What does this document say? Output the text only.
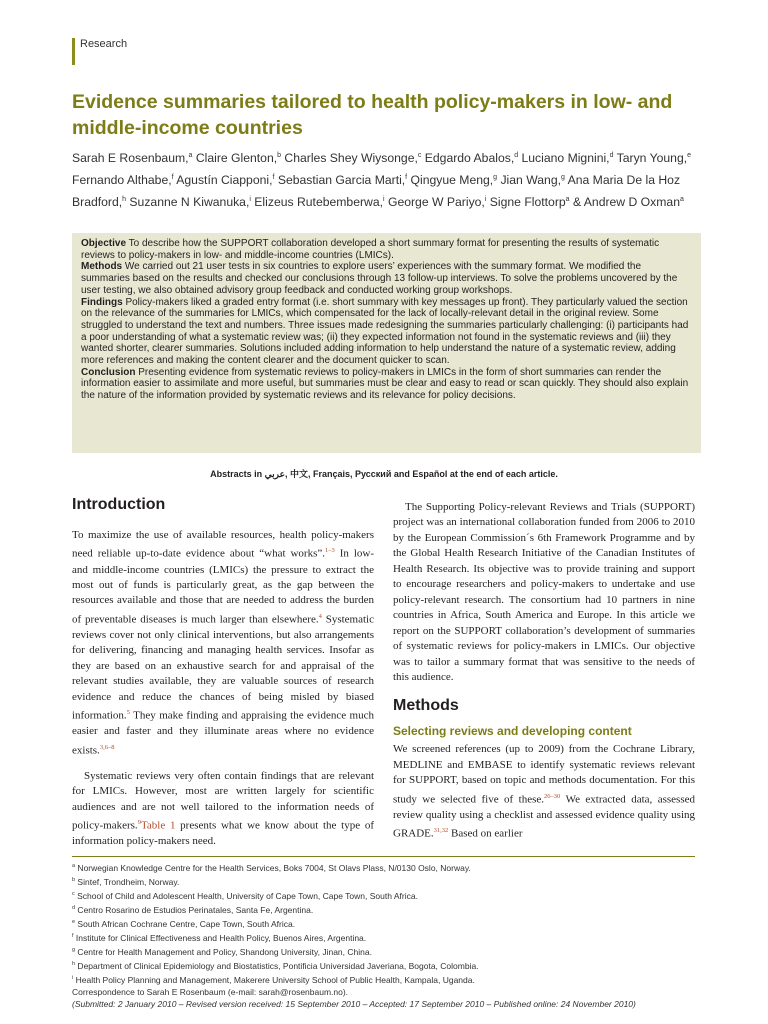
Research
Evidence summaries tailored to health policy-makers in low- and middle-income countries

Sarah E Rosenbaum,$^a$ Claire Glenton,$^b$ Charles Shey Wiysonge,$^c$ Edgardo Abalos,$^d$ Luciano Mignini,$^d$ Taryn Young,$^e$ Fernando Althabe,$^f$ Agustín Ciapponi,$^f$ Sebastian Garcia Marti,$^f$ Qingyue Meng,$^g$ Jian Wang,$^g$ Ana Maria De la Hoz Bradford,$^h$ Suzanne N Kiwanuka,$^i$ Elizeus Rutebemberwa,$^i$ George W Pariyo,$^i$ Signe Flottorp$^a$ & Andrew D Oxman$^a$

Objective To describe how the SUPPORT collaboration developed a short summary format for presenting the results of systematic reviews to policy-makers in low- and middle-income countries (LMICs).

Methods We carried out 21 user tests in six countries to explore users’ experiences with the summary format. We modified the summaries based on the results and checked our conclusions through 13 follow-up interviews. To solve the problems uncovered by the user testing, we also obtained advisory group feedback and conducted working group workshops.

Findings Policy-makers liked a graded entry format (i.e. short summary with key messages up front). They particularly valued the section on the relevance of the summaries for LMICs, which compensated for the lack of locally-relevant detail in the original review. Some struggled to understand the text and numbers. Three issues made redesigning the summaries particularly challenging: (i) participants had a poor understanding of what a systematic review was; (ii) they expected information not found in the systematic reviews and (iii) they wanted shorter, clearer summaries. Solutions included adding information to help understand the nature of a systematic review, adding more references and making the content clearer and the document quicker to scan.

Conclusion Presenting evidence from systematic reviews to policy-makers in LMICs in the form of short summaries can render the information easier to assimilate and more useful, but summaries must be clear and easy to read or scan quickly. They should also explain the nature of the information provided by systematic reviews and its relevance for policy decisions.

Abstracts in عربي, 中文, Français, Русский and Español at the end of each article.
Introduction

To maximize the use of available resources, health policy-makers need reliable up-to-date evidence about “what works”.$^{1-3}$ In low- and middle-income countries (LMICs) the pressure to extract the most out of funds is particularly great, as the gap between the resources available and those that are needed to address the burden of preventable diseases is much larger than elsewhere.$^4$ Systematic reviews cover not only clinical interventions, but also arrangements for delivering, financing and managing health services. Insofar as they are based on an exhaustive search for and appraisal of the relevant studies available, they are valuable sources of research evidence and reduce the chances of being misled by biased information.$^5$ They make finding and appraising the evidence much easier and faster and they illuminate areas where no evidence exists.$^{3,6-8}$

Systematic reviews very often contain findings that are relevant for LMICs. However, most are written largely for scientific audiences and are not well tailored to the information needs of policy-makers.$^9$Table 1 presents what we know about the type of information policy-makers need.

The Supporting Policy-relevant Reviews and Trials (SUPPORT) project was an international collaboration funded from 2006 to 2010 by the European Commission´s 6th Framework Programme and by the Global Health Research Initiative of the Canadian Institutes of Health Research. Its objective was to provide training and support to encourage researchers and policy-makers to undertake and use policy-relevant research. The consortium had 10 partners in nine countries in Africa, South America and Europe. In this article we report on the SUPPORT collaboration’s development of summaries of systematic reviews for policy-makers in LMICs. Our objective was to tailor a summary format that was sensitive to the needs of this audience.

Methods
Selecting reviews and developing content

We screened references (up to 2009) from the Cochrane Library, MEDLINE and EMBASE to identify systematic reviews relevant for SUPPORT, based on topic and methods documentation. For this study we selected five of these.$^{26-30}$ We extracted data, assessed review quality using a checklist and assessed evidence quality using GRADE.$^{31,32}$ Based on earlier

$^a$ Norwegian Knowledge Centre for the Health Services, Boks 7004, St Olavs Plass, N/0130 Oslo, Norway.
$^b$ Sintef, Trondheim, Norway.
$^c$ School of Child and Adolescent Health, University of Cape Town, Cape Town, South Africa.
$^d$ Centro Rosarino de Estudios Perinatales, Santa Fe, Argentina.
$^e$ South African Cochrane Centre, Cape Town, South Africa.
$^f$ Institute for Clinical Effectiveness and Health Policy, Buenos Aires, Argentina.
$^g$ Centre for Health Management and Policy, Shandong University, Jinan, China.
$^h$ Department of Clinical Epidemiology and Biostatistics, Pontificia Universidad Javeriana, Bogota, Colombia.
$^i$ Health Policy Planning and Management, Makerere University School of Public Health, Kampala, Uganda.
Correspondence to Sarah E Rosenbaum (e-mail: sarah@rosenbaum.no).
(Submitted: 2 January 2010 – Revised version received: 15 September 2010 – Accepted: 17 September 2010 – Published online: 24 November 2010)
